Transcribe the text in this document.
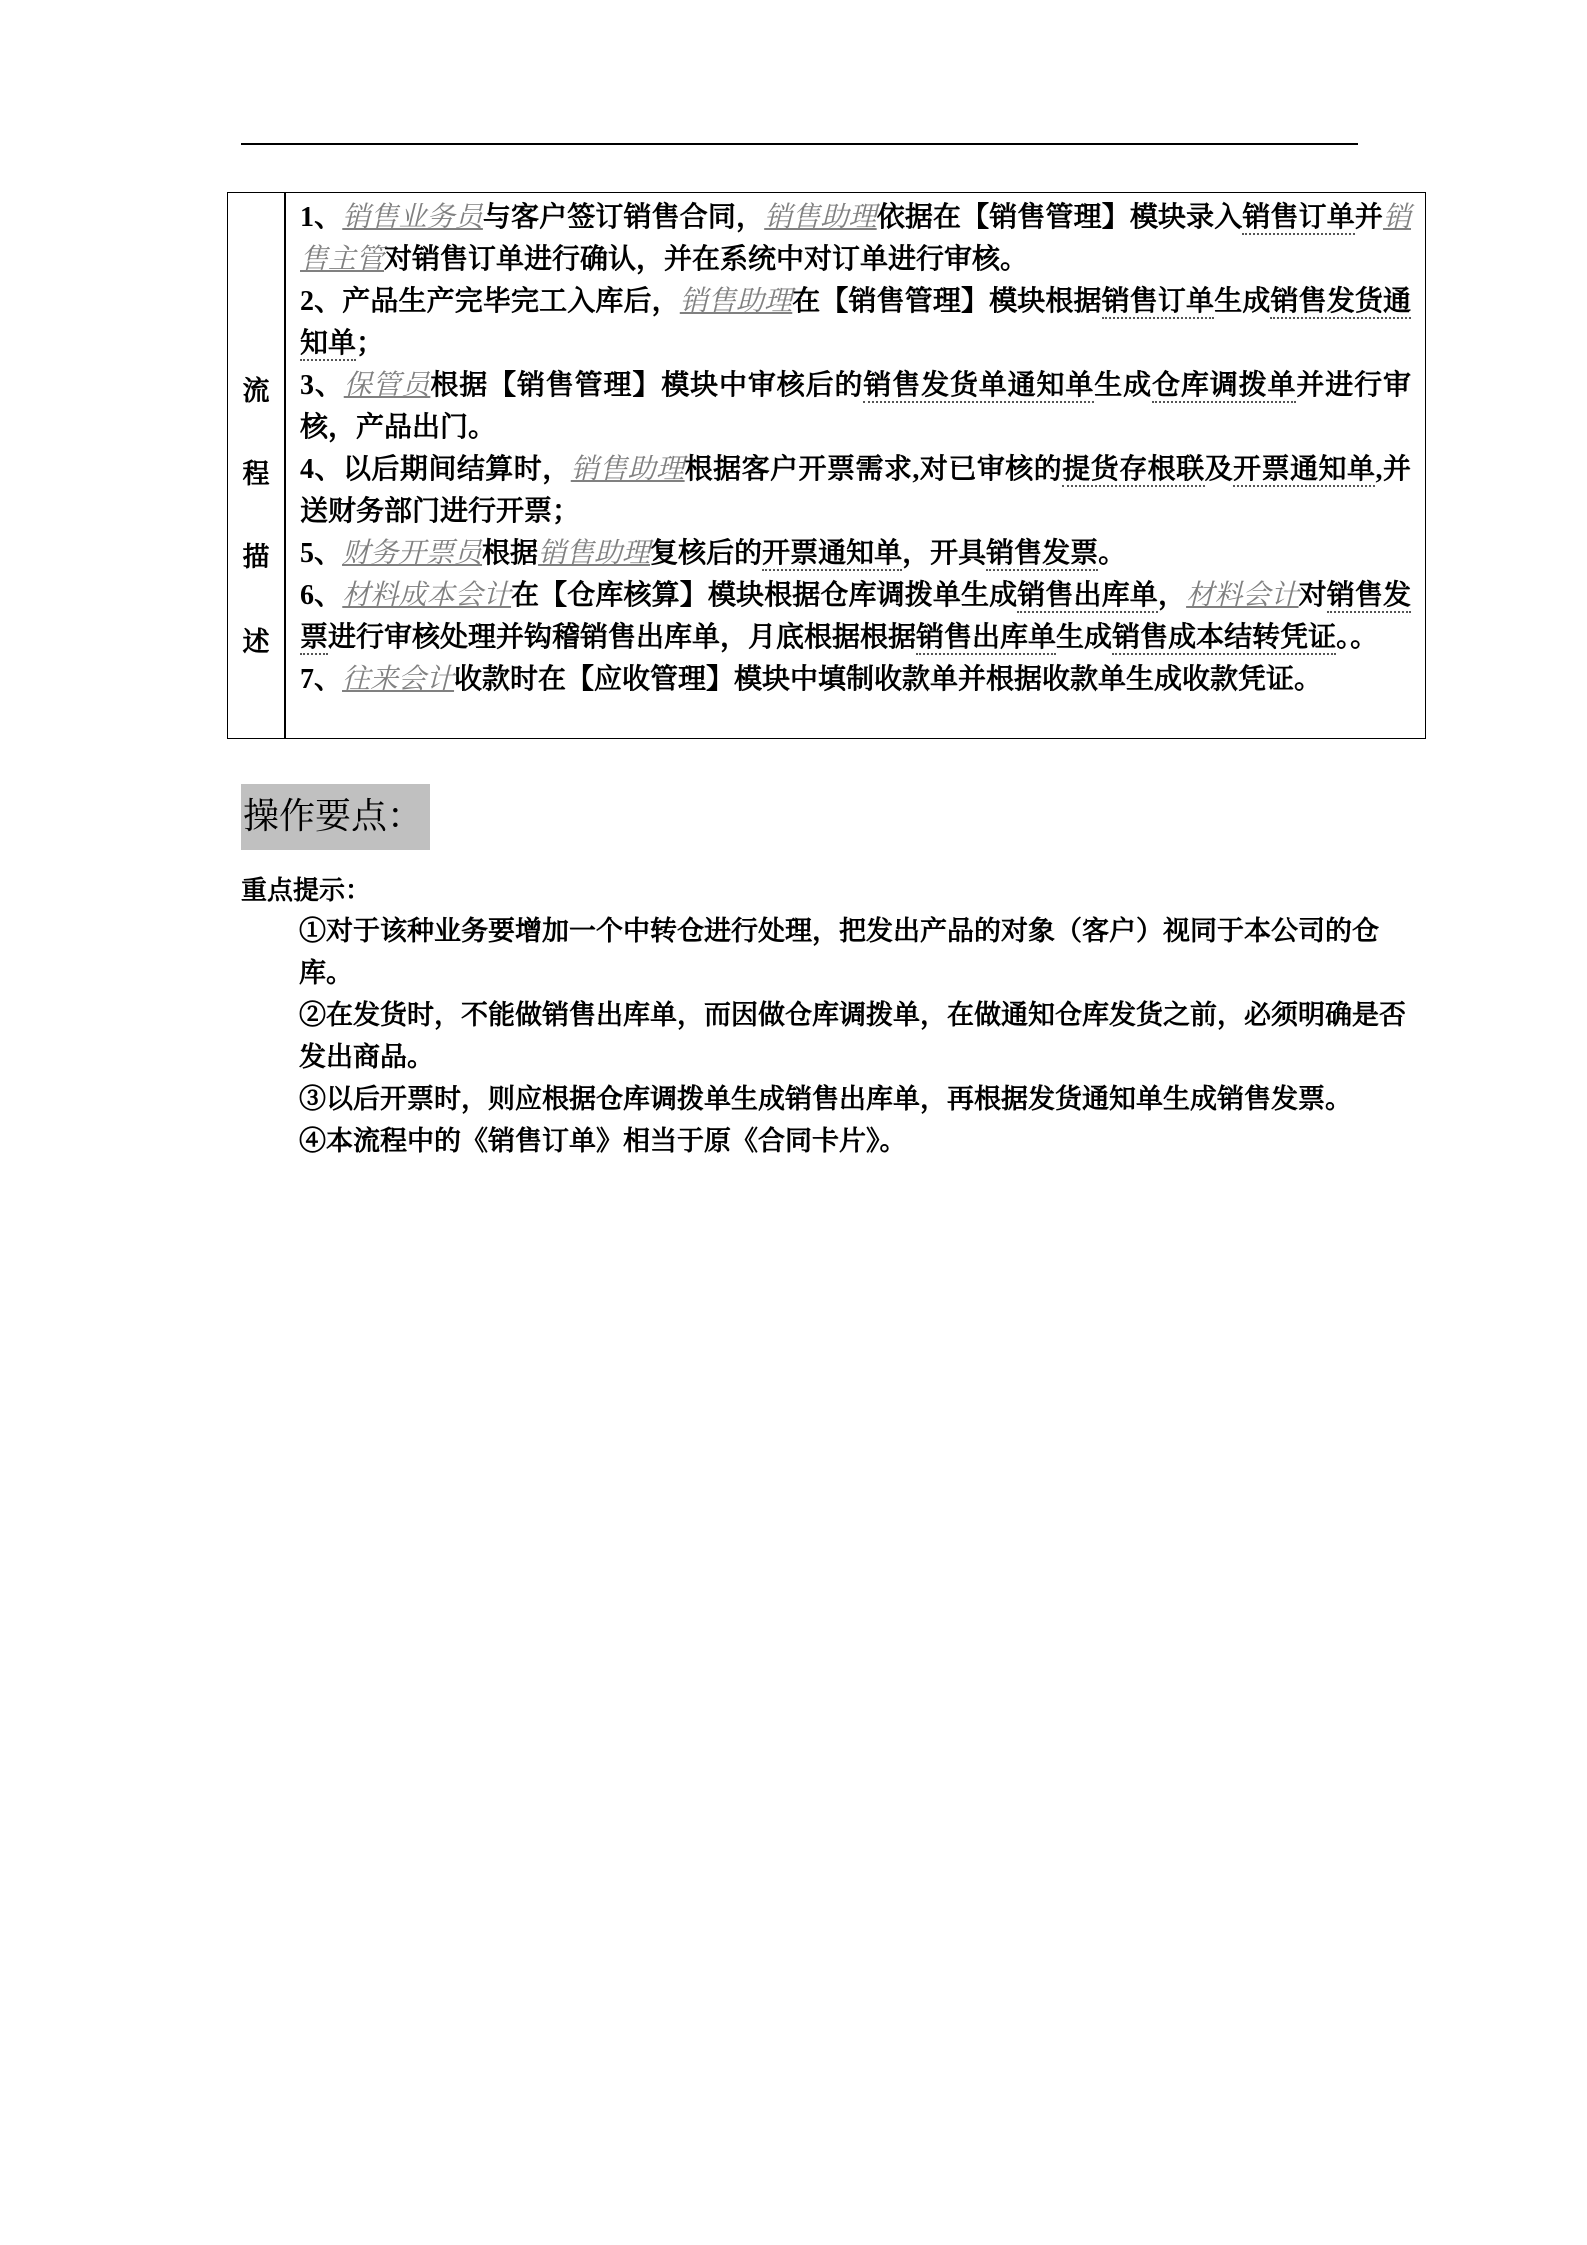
流
程
描
述

1、销售业务员与客户签订销售合同，销售助理依据在【销售管理】模块录入销售订单并销售主管对销售订单进行确认，并在系统中对订单进行审核。

2、产品生产完毕完工入库后，销售助理在【销售管理】模块根据销售订单生成销售发货通知单；

3、保管员根据【销售管理】模块中审核后的销售发货单通知单生成仓库调拨单并进行审核，产品出门。

4、以后期间结算时，销售助理根据客户开票需求,对已审核的提货存根联及开票通知单,并送财务部门进行开票；

5、财务开票员根据销售助理复核后的开票通知单，开具销售发票。

6、材料成本会计在【仓库核算】模块根据仓库调拨单生成销售出库单，材料会计对销售发票进行审核处理并钩稽销售出库单，月底根据根据销售出库单生成销售成本结转凭证。。

7、往来会计收款时在【应收管理】模块中填制收款单并根据收款单生成收款凭证。

操作要点：
重点提示：

①对于该种业务要增加一个中转仓进行处理，把发出产品的对象（客户）视同于本公司的仓库。

②在发货时，不能做销售出库单，而因做仓库调拨单，在做通知仓库发货之前，必须明确是否发出商品。

③以后开票时，则应根据仓库调拨单生成销售出库单，再根据发货通知单生成销售发票。

④本流程中的《销售订单》相当于原《合同卡片》。
